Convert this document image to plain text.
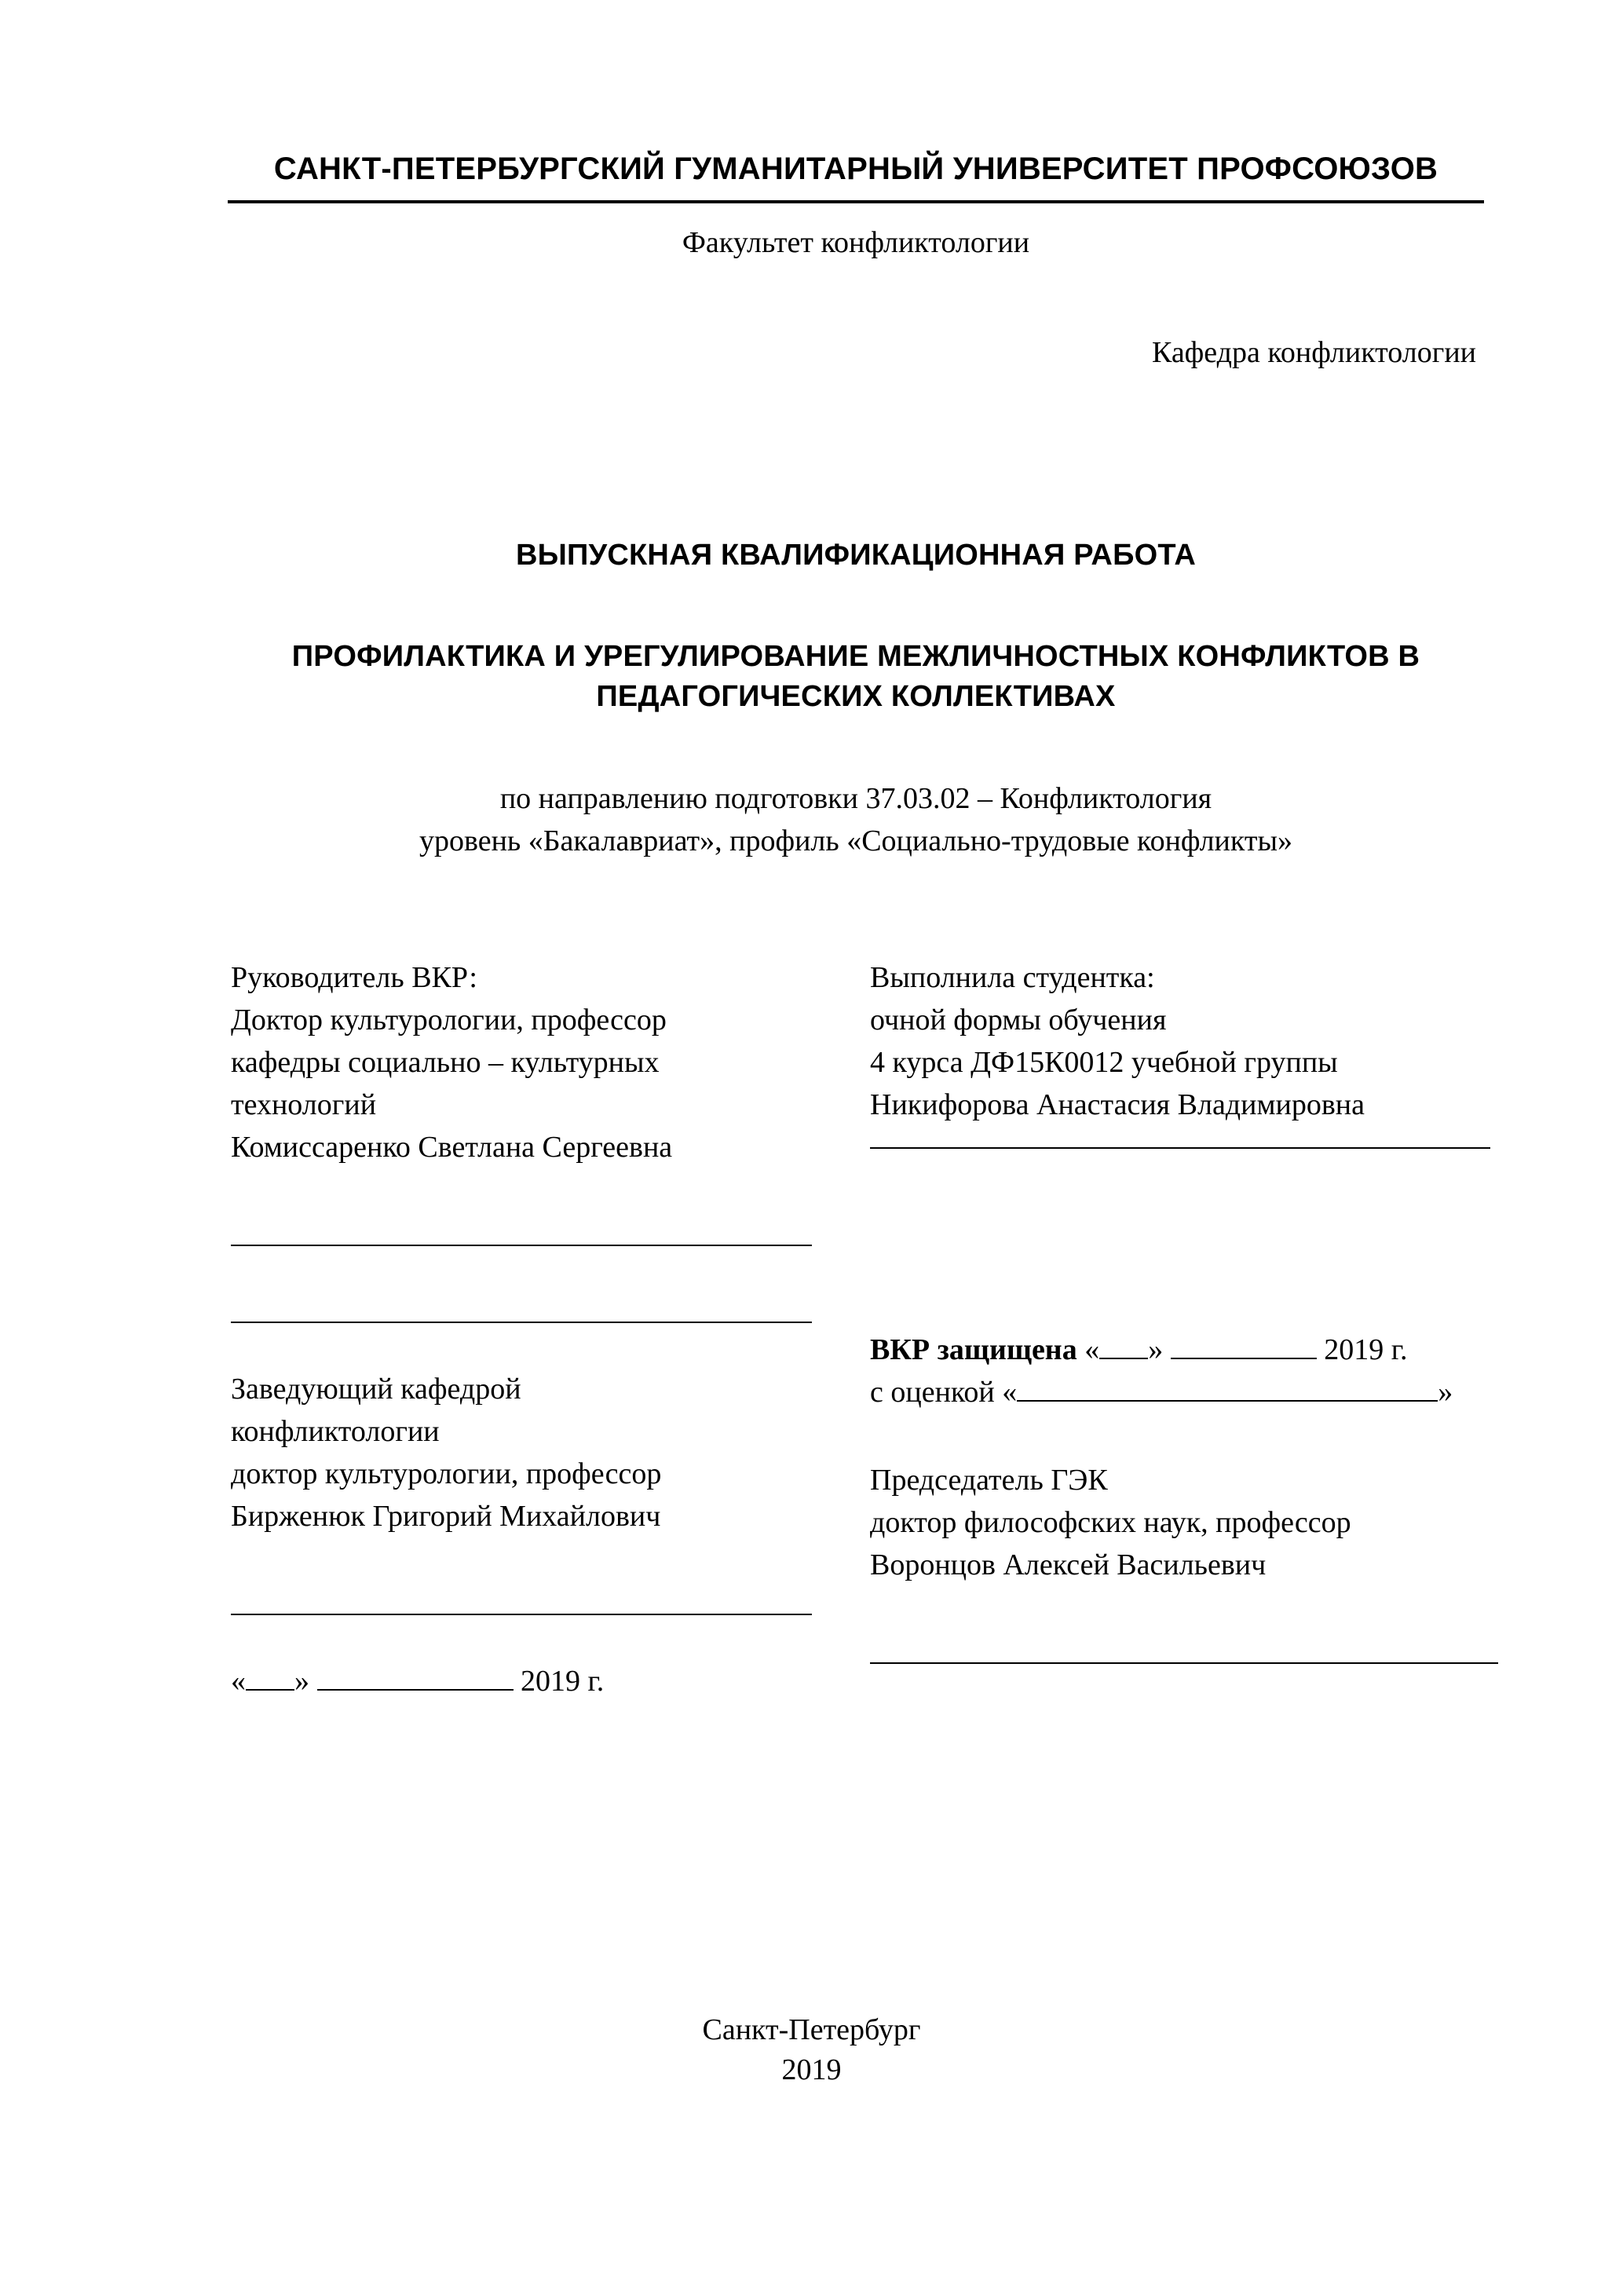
САНКТ-ПЕТЕРБУРГСКИЙ ГУМАНИТАРНЫЙ УНИВЕРСИТЕТ ПРОФСОЮЗОВ
Факультет конфликтологии
Кафедра конфликтологии
ВЫПУСКНАЯ КВАЛИФИКАЦИОННАЯ РАБОТА
ПРОФИЛАКТИКА И УРЕГУЛИРОВАНИЕ МЕЖЛИЧНОСТНЫХ КОНФЛИКТОВ В ПЕДАГОГИЧЕСКИХ КОЛЛЕКТИВАХ
по направлению подготовки 37.03.02 – Конфликтология
уровень «Бакалавриат», профиль «Социально-трудовые конфликты»
Руководитель ВКР:
Доктор культурологии, профессор
кафедры социально – культурных
технологий
Комиссаренко Светлана Сергеевна
Заведующий кафедрой
конфликтологии
доктор культурологии, профессор
Бирженюк Григорий Михайлович
« »	2019 г.
Выполнила студентка:
очной формы обучения
4 курса ДФ15К0012 учебной группы
Никифорова Анастасия Владимировна
ВКР защищена « »	2019 г.
с оценкой «	»
Председатель ГЭК
доктор философских наук, профессор
Воронцов Алексей Васильевич
Санкт-Петербург
2019
